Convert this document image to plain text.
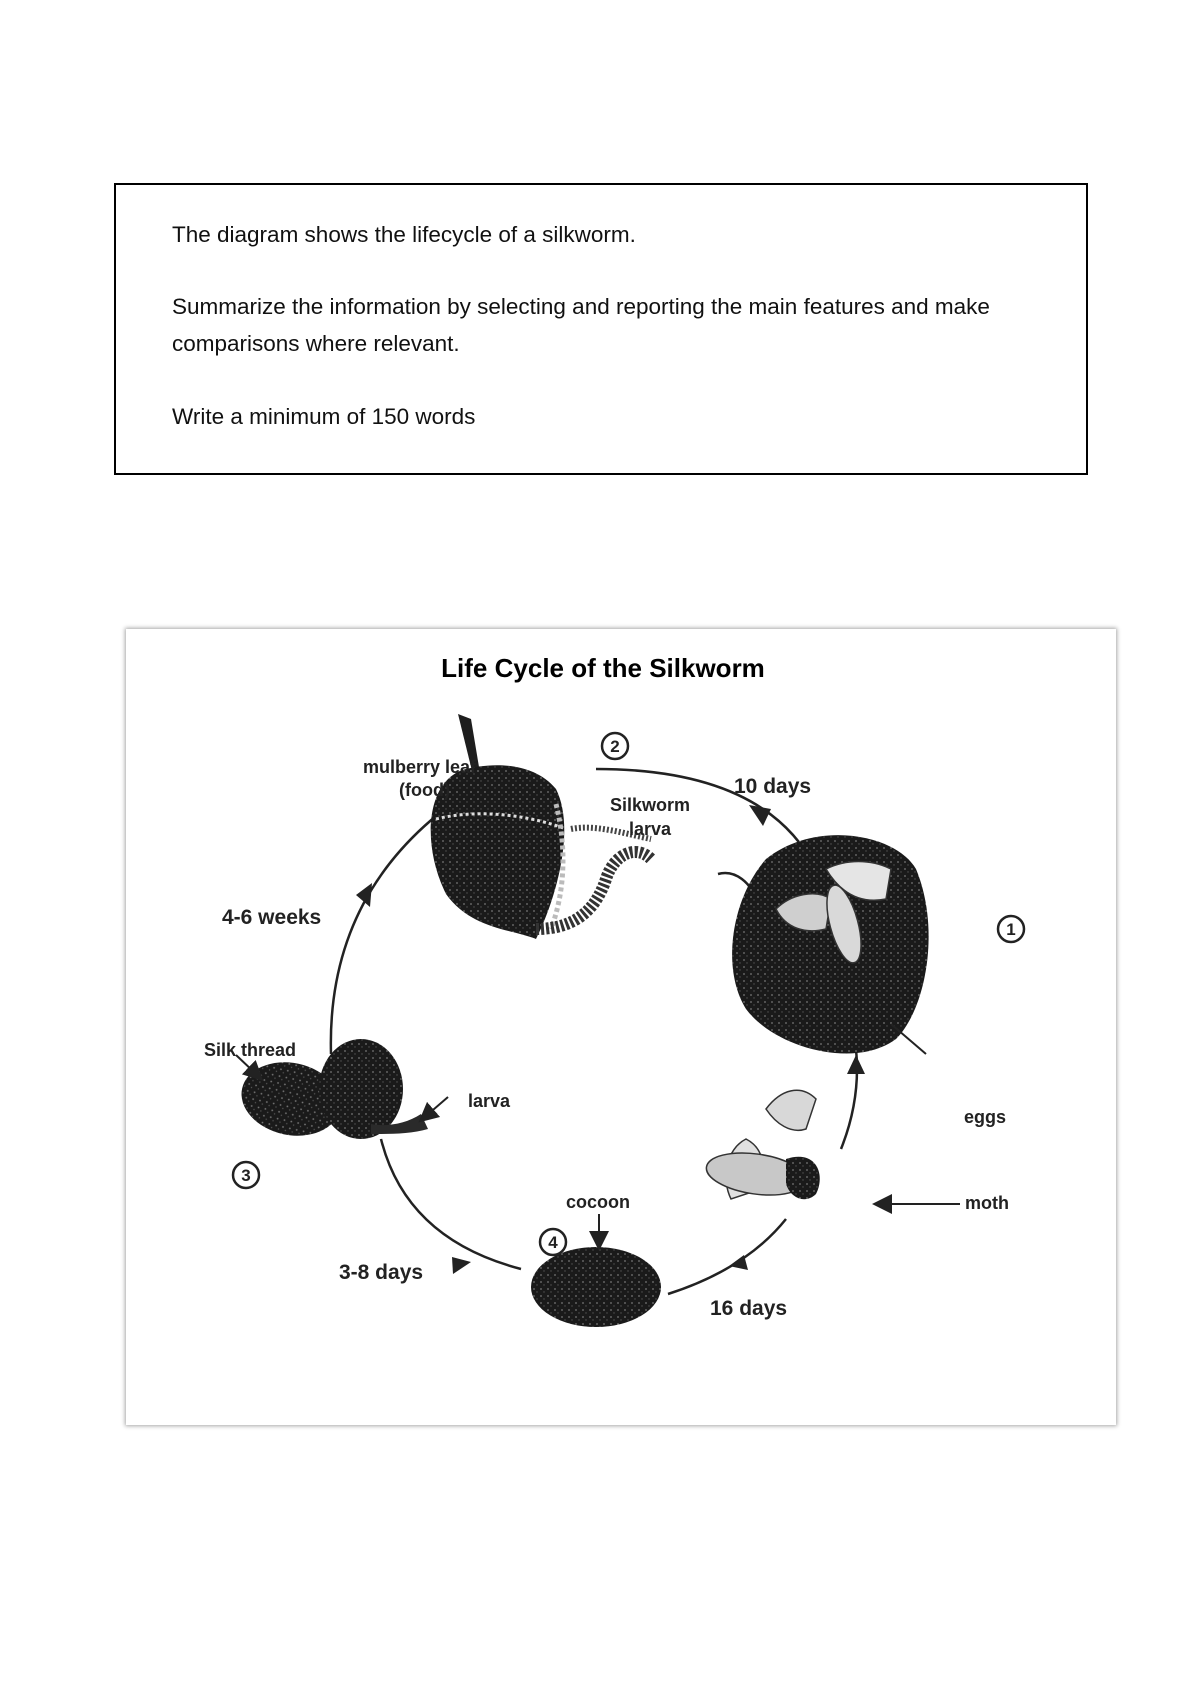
The diagram shows the lifecycle of a silkworm.

Summarize the information by selecting and reporting the main features and make comparisons where relevant.

Write a minimum of 150 words

Life Cycle of the Silkworm
1
2
3
4
mulberry leaf
(food)
Silkworm
larva
10 days
4-6 weeks
Silk thread
larva
cocoon
3-8 days
16 days
moth
eggs
